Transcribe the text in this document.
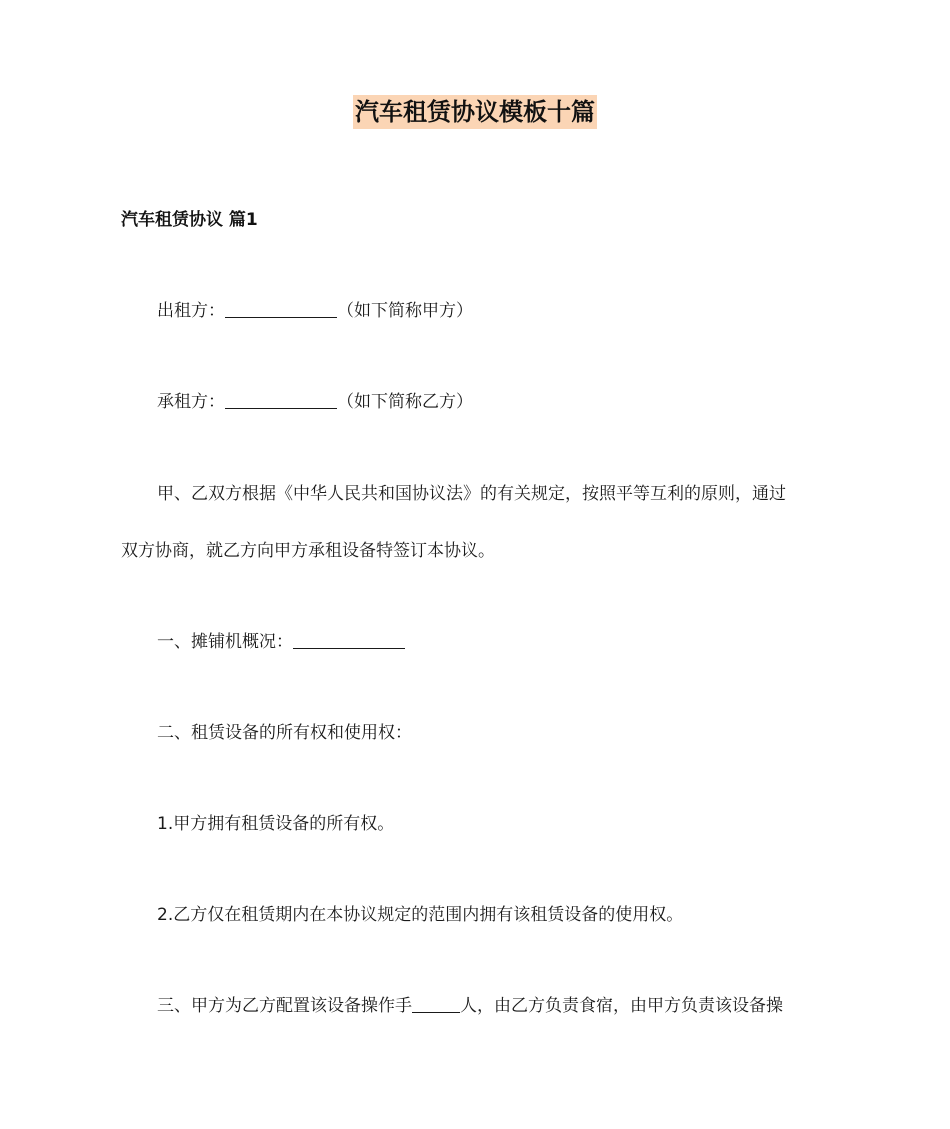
汽车租赁协议模板十篇
汽车租赁协议 篇1
出租方：	（如下简称甲方）
承租方：	（如下简称乙方）
甲、乙双方根据《中华人民共和国协议法》的有关规定，按照平等互利的原则，通过
双方协商，就乙方向甲方承租设备特签订本协议。
一、摊铺机概况：
二、租赁设备的所有权和使用权：
1.甲方拥有租赁设备的所有权。
2.乙方仅在租赁期内在本协议规定的范围内拥有该租赁设备的使用权。
三、甲方为乙方配置该设备操作手	人，由乙方负责食宿，由甲方负责该设备操
